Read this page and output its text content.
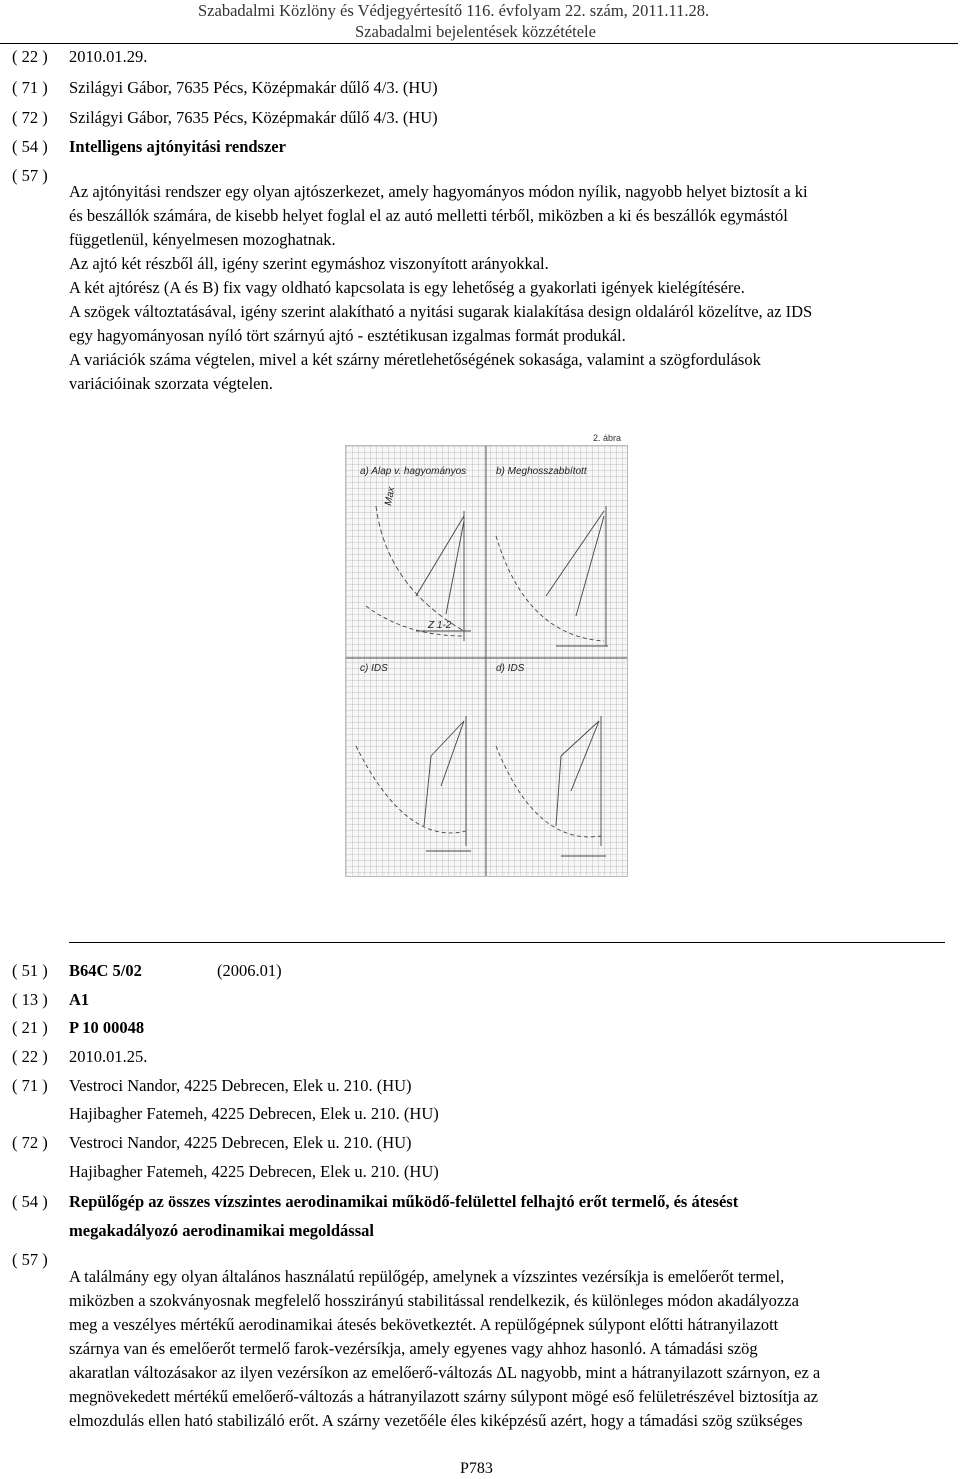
Szabadalmi Közlöny és Védjegyértesítő 116. évfolyam 22. szám, 2011.11.28.
Szabadalmi bejelentések közzététele
( 22 )	2010.01.29.
( 71 )	Szilágyi Gábor, 7635 Pécs, Középmakár dűlő 4/3. (HU)
( 72 )	Szilágyi Gábor, 7635 Pécs, Középmakár dűlő 4/3. (HU)
( 54 )	Intelligens ajtónyitási rendszer
( 57 )
Az ajtónyitási rendszer egy olyan ajtószerkezet, amely hagyományos módon nyílik, nagyobb helyet biztosít a ki
és beszállók számára, de kisebb helyet foglal el az autó melletti térből, miközben a ki és beszállók egymástól
függetlenül, kényelmesen mozoghatnak.
Az ajtó két részből áll, igény szerint egymáshoz viszonyított arányokkal.
A két ajtórész (A és B) fix vagy oldható kapcsolata is egy lehetőség a gyakorlati igények kielégítésére.
A szögek változtatásával, igény szerint alakítható a nyitási sugarak kialakítása design oldaláról közelítve, az IDS
egy hagyományosan nyíló tört szárnyú ajtó - esztétikusan izgalmas formát produkál.
A variációk száma végtelen, mivel a két szárny méretlehetőségének sokasága, valamint a szögfordulások
variációinak szorzata végtelen.
2. ábra
a) Alap v. hagyományos	b) Meghosszabbított
c) IDS	d) IDS
Max
Z 1-2
( 51 )	B64C 5/02	(2006.01)
( 13 )	A1
( 21 )	P 10 00048
( 22 )	2010.01.25.
( 71 )	Vestroci Nandor, 4225 Debrecen, Elek u. 210. (HU)
Hajibagher Fatemeh, 4225 Debrecen, Elek u. 210. (HU)
( 72 )	Vestroci Nandor, 4225 Debrecen, Elek u. 210. (HU)
Hajibagher Fatemeh, 4225 Debrecen, Elek u. 210. (HU)
( 54 )	Repülőgép az összes vízszintes aerodinamikai működő-felülettel felhajtó erőt termelő, és átesést
megakadályozó aerodinamikai megoldással
( 57 )
A találmány egy olyan általános használatú repülőgép, amelynek a vízszintes vezérsíkja is emelőerőt termel,
miközben a szokványosnak megfelelő hosszirányú stabilitással rendelkezik, és különleges módon akadályozza
meg a veszélyes mértékű aerodinamikai átesés bekövetkeztét. A repülőgépnek súlypont előtti hátranyilazott
szárnya van és emelőerőt termelő farok-vezérsíkja, amely egyenes vagy ahhoz hasonló. A támadási szög
akaratlan változásakor az ilyen vezérsíkon az emelőerő-változás ΔL nagyobb, mint a hátranyilazott szárnyon, ez a
megnövekedett mértékű emelőerő-változás a hátranyilazott szárny súlypont mögé eső felületrészével biztosítja az
elmozdulás ellen ható stabilizáló erőt. A szárny vezetőéle éles kiképzésű azért, hogy a támadási szög szükséges
P783
